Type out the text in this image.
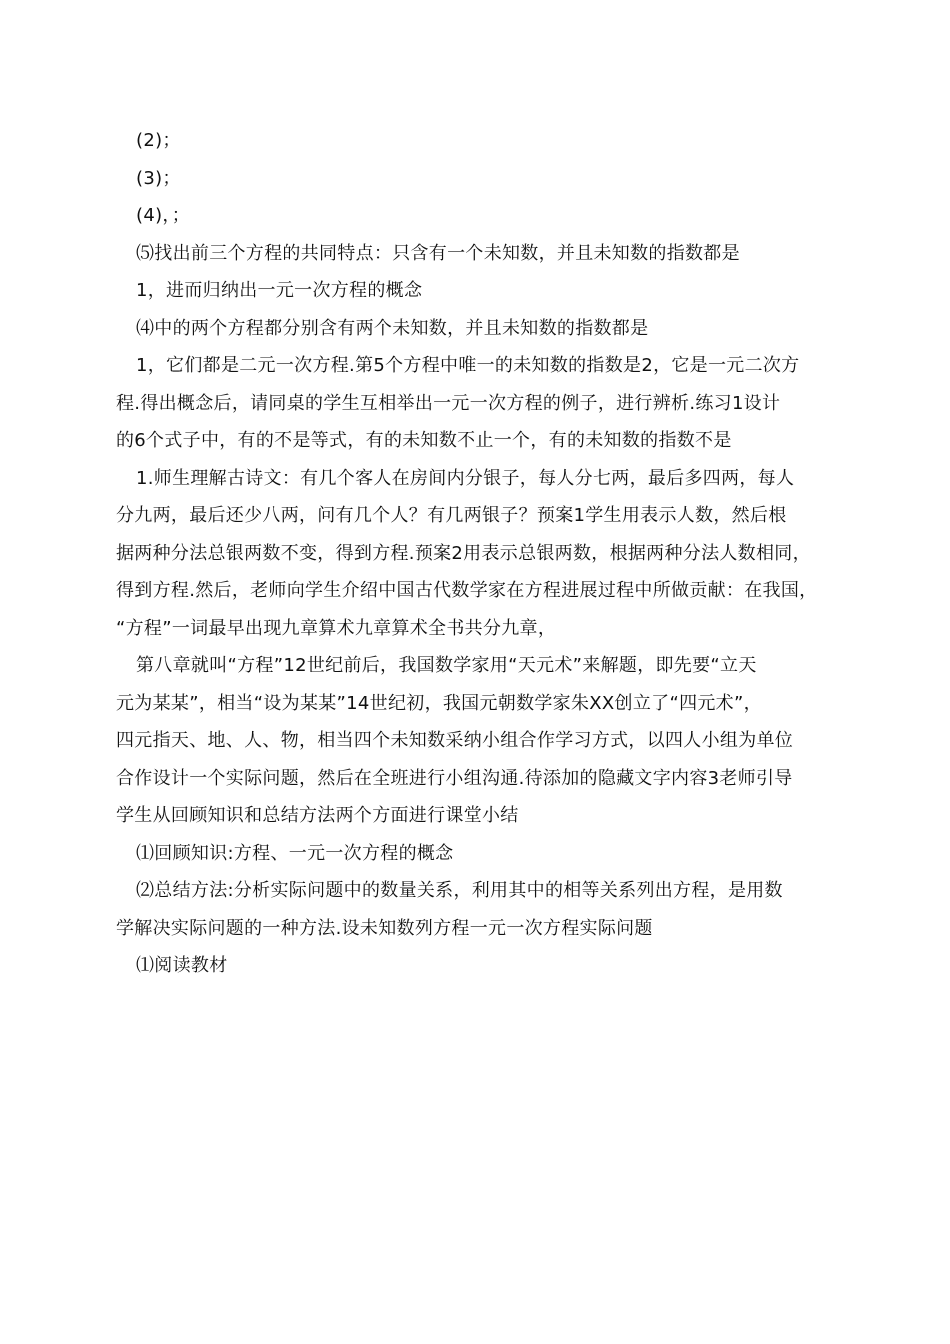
(2)；
(3)；
(4)，；
⑸找出前三个方程的共同特点：只含有一个未知数，并且未知数的指数都是
1，进而归纳出一元一次方程的概念
⑷中的两个方程都分别含有两个未知数，并且未知数的指数都是
1，它们都是二元一次方程.第5个方程中唯一的未知数的指数是2，它是一元二次方
程.得出概念后，请同桌的学生互相举出一元一次方程的例子，进行辨析.练习1设计
的6个式子中，有的不是等式，有的未知数不止一个，有的未知数的指数不是
1.师生理解古诗文：有几个客人在房间内分银子，每人分七两，最后多四两，每人
分九两，最后还少八两，问有几个人？有几两银子？预案1学生用表示人数，然后根
据两种分法总银两数不变，得到方程.预案2用表示总银两数，根据两种分法人数相同，
得到方程.然后，老师向学生介绍中国古代数学家在方程进展过程中所做贡献：在我国，
“方程”一词最早出现九章算术九章算术全书共分九章，
第八章就叫“方程”12世纪前后，我国数学家用“天元术”来解题，即先要“立天
元为某某”，相当“设为某某”14世纪初，我国元朝数学家朱XX创立了“四元术”，
四元指天、地、人、物，相当四个未知数采纳小组合作学习方式，以四人小组为单位
合作设计一个实际问题，然后在全班进行小组沟通.待添加的隐藏文字内容3老师引导
学生从回顾知识和总结方法两个方面进行课堂小结
⑴回顾知识:方程、一元一次方程的概念
⑵总结方法:分析实际问题中的数量关系，利用其中的相等关系列出方程，是用数
学解决实际问题的一种方法.设未知数列方程一元一次方程实际问题
⑴阅读教材
